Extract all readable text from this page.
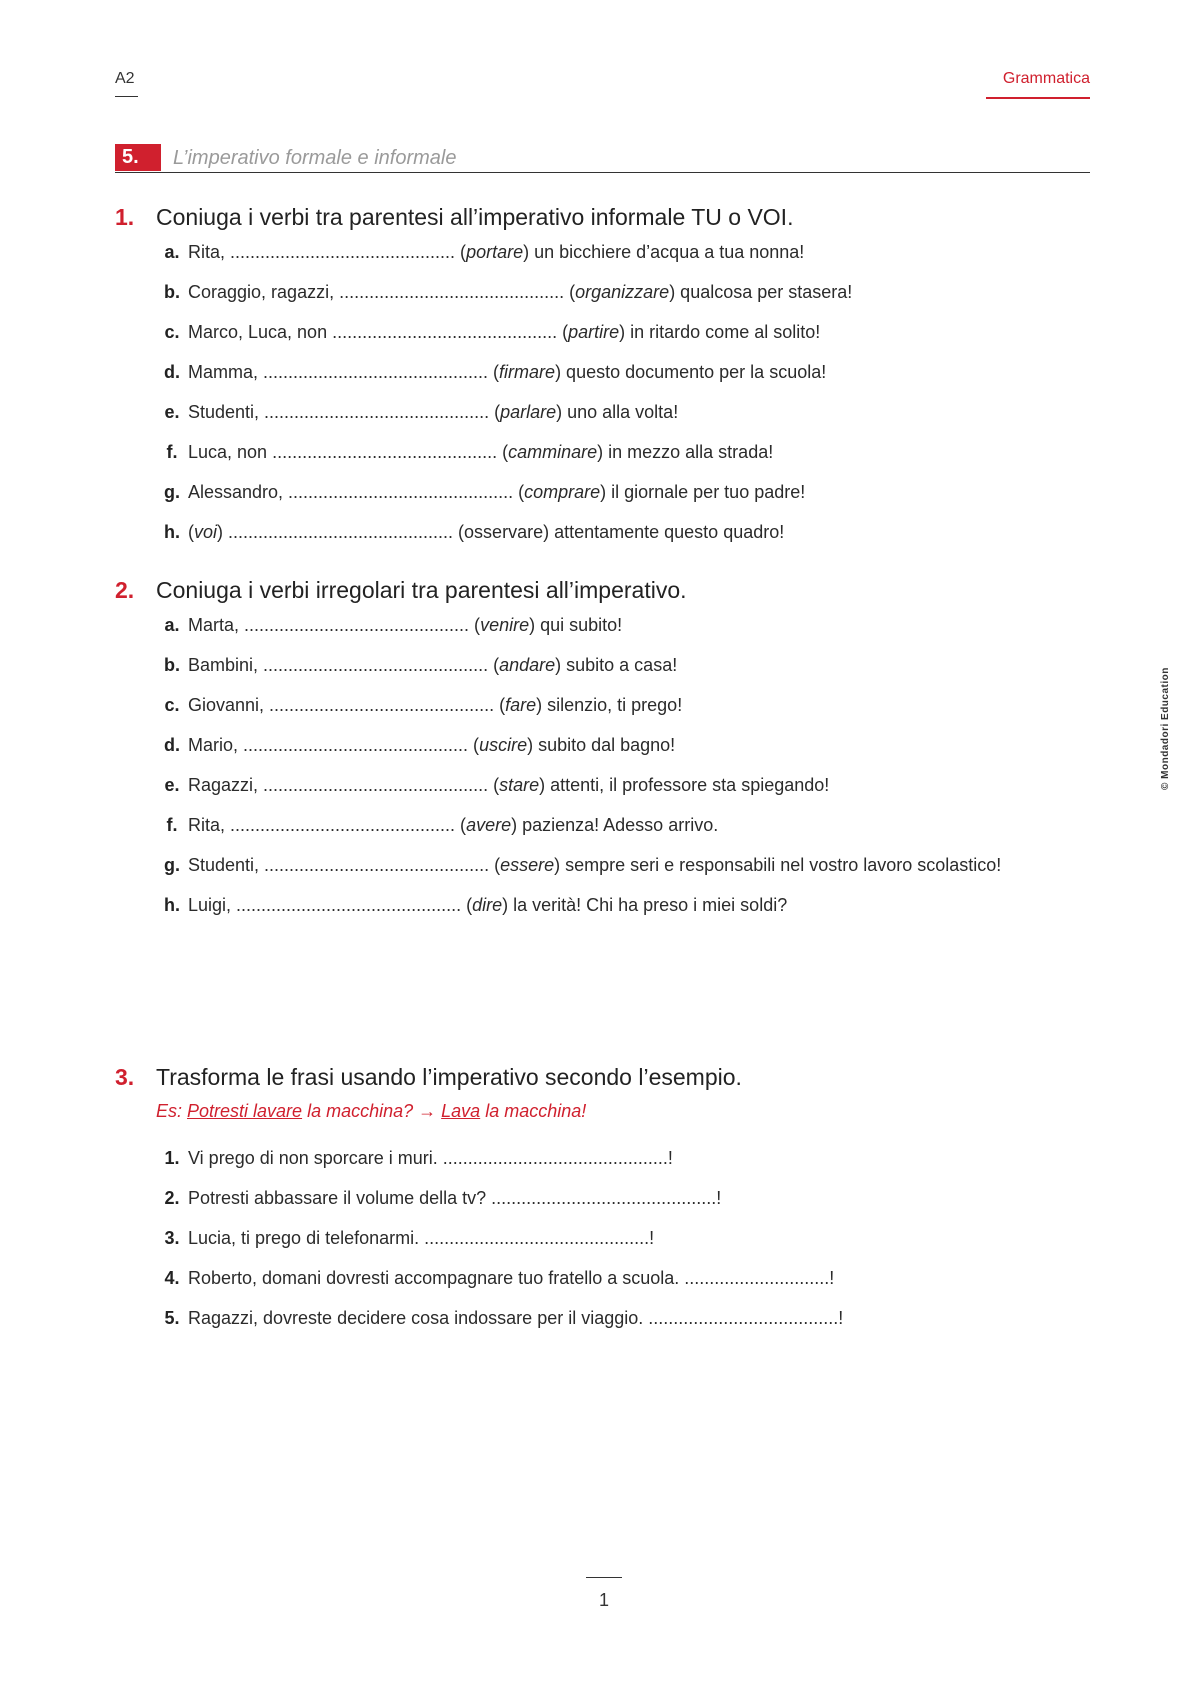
A2	Grammatica
5.	L’imperativo formale e informale
1. Coniuga i verbi tra parentesi all’imperativo informale TU o VOI.
a. Rita, ............................................. (portare) un bicchiere d’acqua a tua nonna!
b. Coraggio, ragazzi, ............................................. (organizzare) qualcosa per stasera!
c. Marco, Luca, non ............................................. (partire) in ritardo come al solito!
d. Mamma, ............................................. (firmare) questo documento per la scuola!
e. Studenti, ............................................. (parlare) uno alla volta!
f. Luca, non ............................................. (camminare) in mezzo alla strada!
g. Alessandro, ............................................. (comprare) il giornale per tuo padre!
h. (voi) ............................................. (osservare) attentamente questo quadro!
2. Coniuga i verbi irregolari tra parentesi all’imperativo.
a. Marta, ............................................. (venire) qui subito!
b. Bambini, ............................................. (andare) subito a casa!
c. Giovanni, ............................................. (fare) silenzio, ti prego!
d. Mario, ............................................. (uscire) subito dal bagno!
e. Ragazzi, ............................................. (stare) attenti, il professore sta spiegando!
f. Rita, ............................................. (avere) pazienza! Adesso arrivo.
g. Studenti, ............................................. (essere) sempre seri e responsabili nel vostro lavoro scolastico!
h. Luigi, ............................................. (dire) la verità! Chi ha preso i miei soldi?
3. Trasforma le frasi usando l’imperativo secondo l’esempio.
Es: Potresti lavare la macchina? → Lava la macchina!
1. Vi prego di non sporcare i muri. .............................................!
2. Potresti abbassare il volume della tv? .............................................!
3. Lucia, ti prego di telefonarmi. .............................................!
4. Roberto, domani dovresti accompagnare tuo fratello a scuola. .............................!
5. Ragazzi, dovreste decidere cosa indossare per il viaggio. ......................................!
© Mondadori Education
1
